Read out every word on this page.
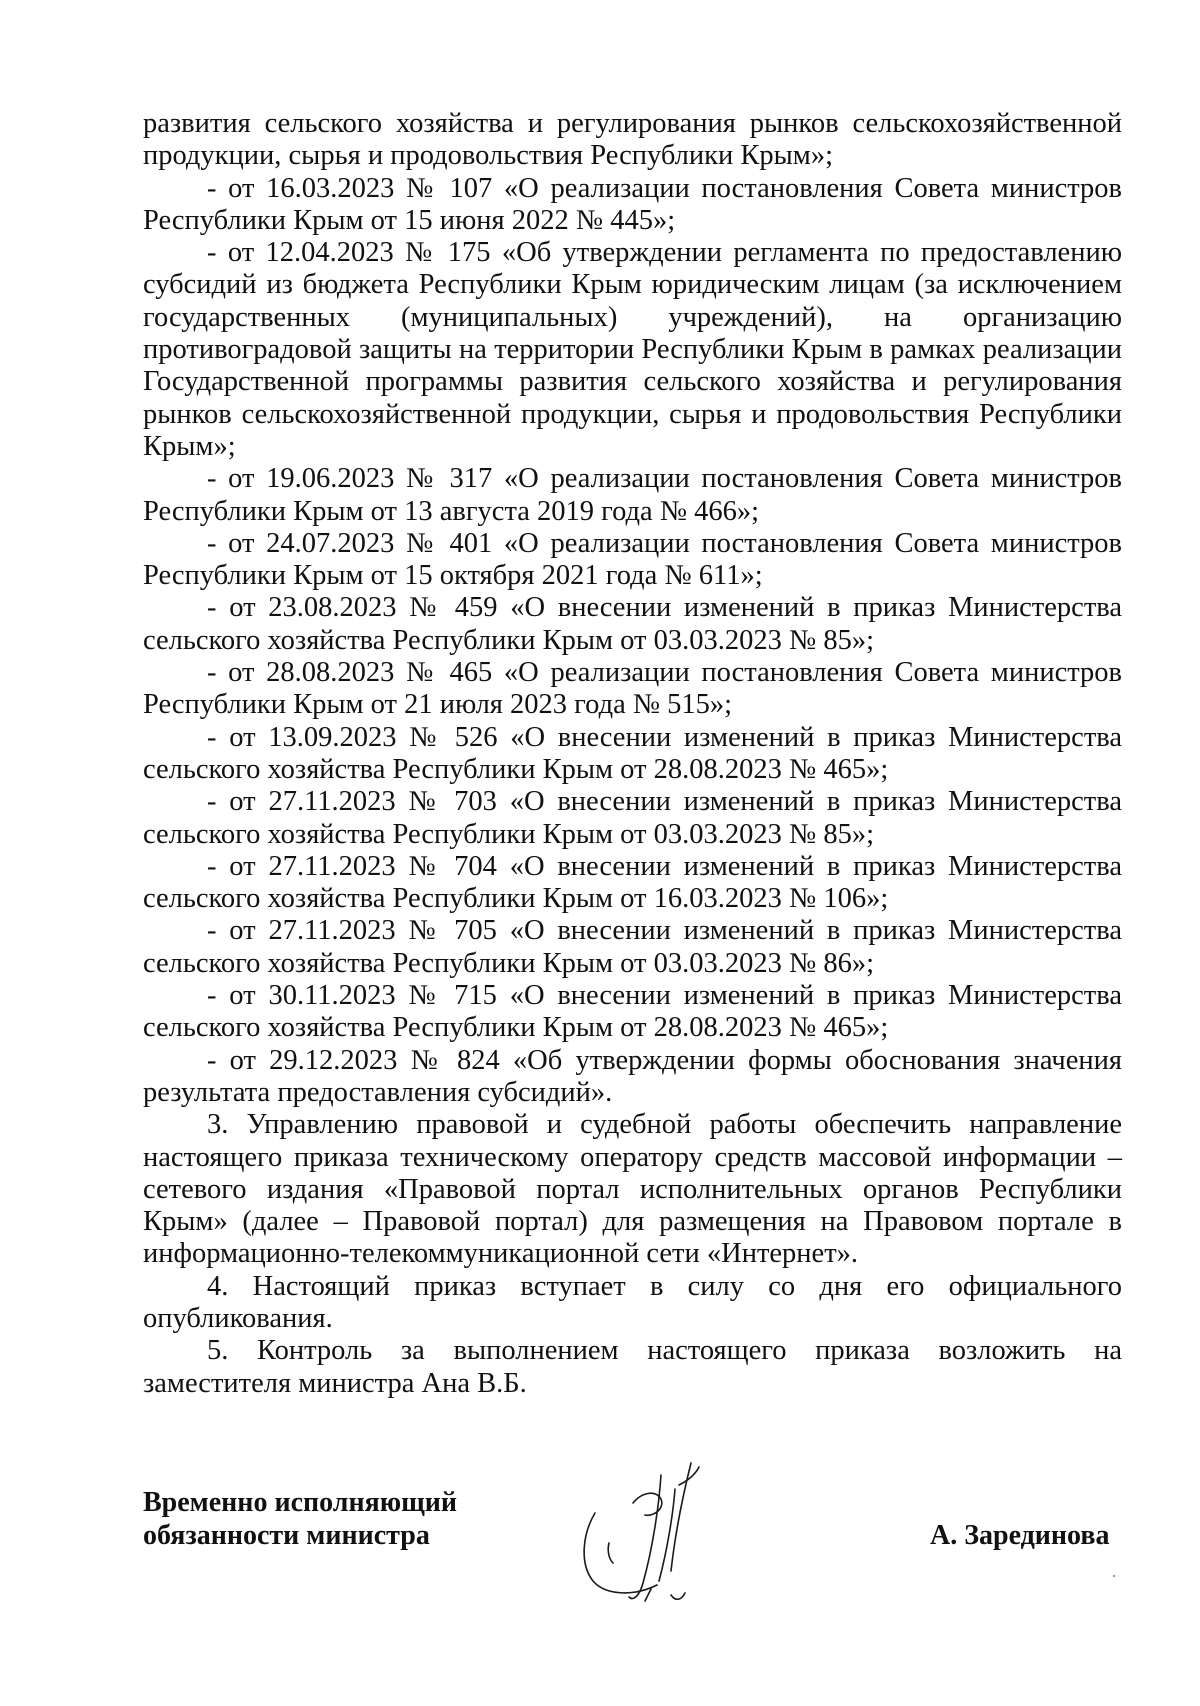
развития сельского хозяйства и регулирования рынков сельскохозяйственной продукции, сырья и продовольствия Республики Крым»;

- от 16.03.2023 № 107 «О реализации постановления Совета министров Республики Крым от 15 июня 2022 № 445»;

- от 12.04.2023 № 175 «Об утверждении регламента по предоставлению субсидий из бюджета Республики Крым юридическим лицам (за исключением государственных (муниципальных) учреждений), на организацию противоградовой защиты на территории Республики Крым в рамках реализации Государственной программы развития сельского хозяйства и регулирования рынков сельскохозяйственной продукции, сырья и продовольствия Республики Крым»;

- от 19.06.2023 № 317 «О реализации постановления Совета министров Республики Крым от 13 августа 2019 года № 466»;

- от 24.07.2023 № 401 «О реализации постановления Совета министров Республики Крым от 15 октября 2021 года № 611»;

- от 23.08.2023 № 459 «О внесении изменений в приказ Министерства сельского хозяйства Республики Крым от 03.03.2023 № 85»;

- от 28.08.2023 № 465 «О реализации постановления Совета министров Республики Крым от 21 июля 2023 года № 515»;

- от 13.09.2023 № 526 «О внесении изменений в приказ Министерства сельского хозяйства Республики Крым от 28.08.2023 № 465»;

- от 27.11.2023 № 703 «О внесении изменений в приказ Министерства сельского хозяйства Республики Крым от 03.03.2023 № 85»;

- от 27.11.2023 № 704 «О внесении изменений в приказ Министерства сельского хозяйства Республики Крым от 16.03.2023 № 106»;

- от 27.11.2023 № 705 «О внесении изменений в приказ Министерства сельского хозяйства Республики Крым от 03.03.2023 № 86»;

- от 30.11.2023 № 715 «О внесении изменений в приказ Министерства сельского хозяйства Республики Крым от 28.08.2023 № 465»;

- от 29.12.2023 № 824 «Об утверждении формы обоснования значения результата предоставления субсидий».

3. Управлению правовой и судебной работы обеспечить направление настоящего приказа техническому оператору средств массовой информации – сетевого издания «Правовой портал исполнительных органов Республики Крым» (далее – Правовой портал) для размещения на Правовом портале в информационно-телекоммуникационной сети «Интернет».

4. Настоящий приказ вступает в силу со дня его официального опубликования.

5. Контроль за выполнением настоящего приказа возложить на заместителя министра Ана В.Б.

Временно исполняющий
обязанности министра	А. Зарединова
